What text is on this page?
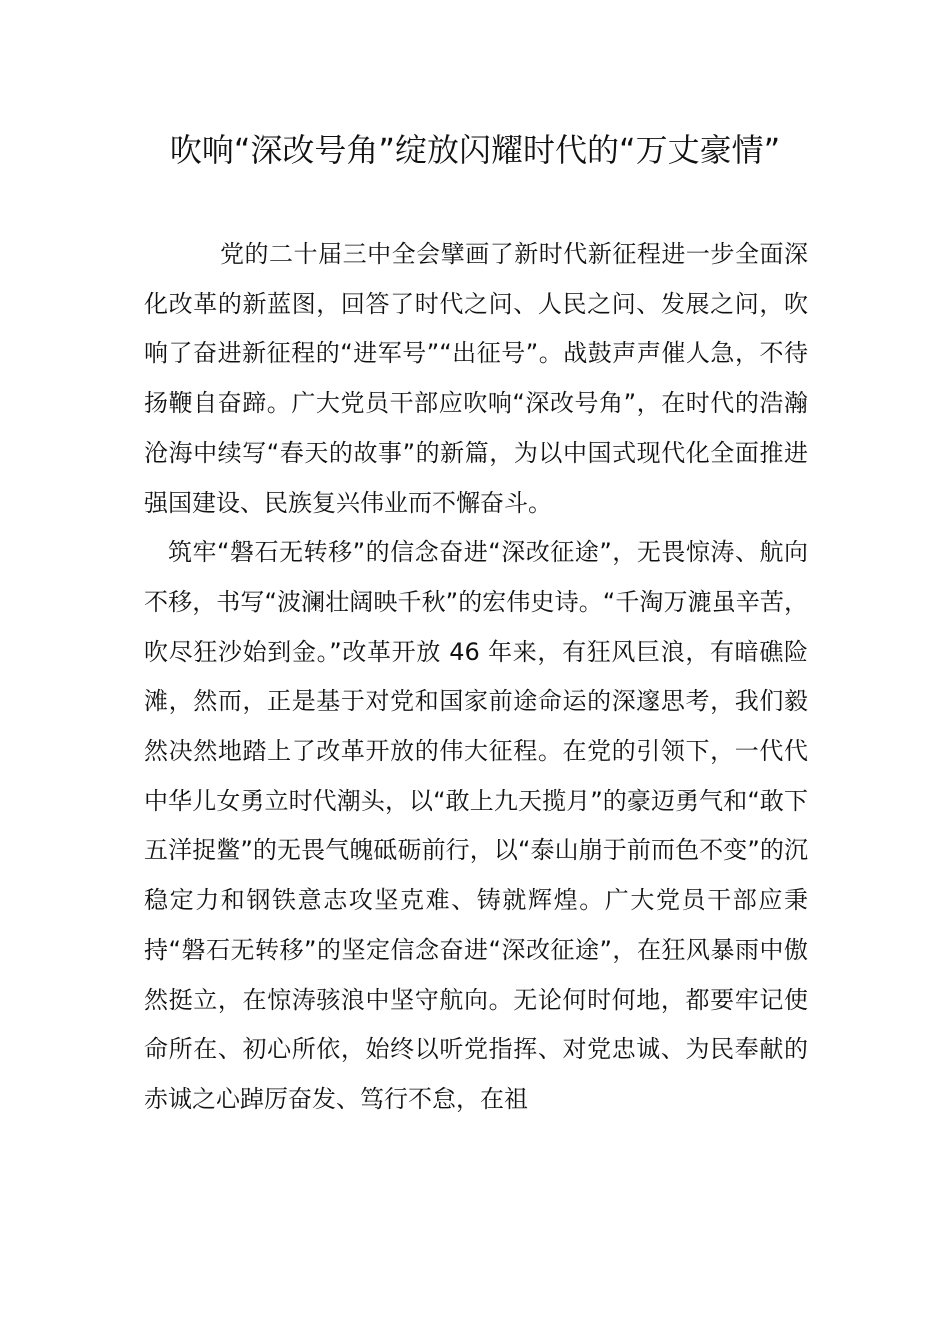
吹响“深改号角”绽放闪耀时代的“万丈豪情”

党的二十届三中全会擘画了新时代新征程进一步全面深化改革的新蓝图，回答了时代之问、人民之问、发展之问，吹响了奋进新征程的“进军号”“出征号”。战鼓声声催人急，不待扬鞭自奋蹄。广大党员干部应吹响“深改号角”，在时代的浩瀚沧海中续写“春天的故事”的新篇，为以中国式现代化全面推进强国建设、民族复兴伟业而不懈奋斗。

筑牢“磐石无转移”的信念奋进“深改征途”，无畏惊涛、航向不移，书写“波澜壮阔映千秋”的宏伟史诗。“千淘万漉虽辛苦，吹尽狂沙始到金。”改革开放 46 年来，有狂风巨浪，有暗礁险滩，然而，正是基于对党和国家前途命运的深邃思考，我们毅然决然地踏上了改革开放的伟大征程。在党的引领下，一代代中华儿女勇立时代潮头，以“敢上九天揽月”的豪迈勇气和“敢下五洋捉鳖”的无畏气魄砥砺前行，以“泰山崩于前而色不变”的沉稳定力和钢铁意志攻坚克难、铸就辉煌。广大党员干部应秉持“磐石无转移”的坚定信念奋进“深改征途”，在狂风暴雨中傲然挺立，在惊涛骇浪中坚守航向。无论何时何地，都要牢记使命所在、初心所依，始终以听党指挥、对党忠诚、为民奉献的赤诚之心踔厉奋发、笃行不怠，在祖
